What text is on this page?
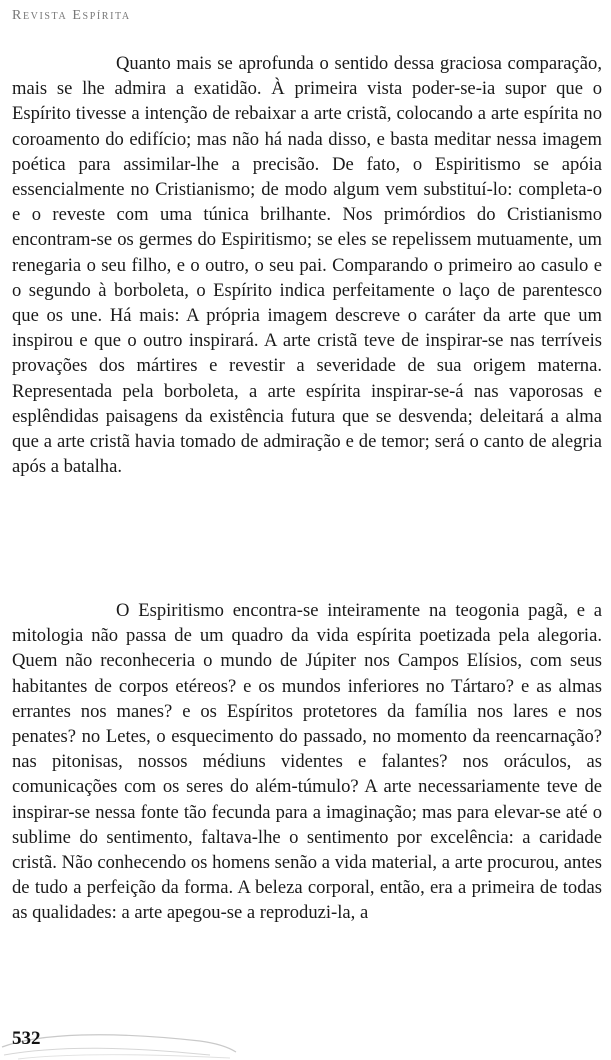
Revista Espírita

Quanto mais se aprofunda o sentido dessa graciosa comparação, mais se lhe admira a exatidão. À primeira vista poder-se-ia supor que o Espírito tivesse a intenção de rebaixar a arte cristã, colocando a arte espírita no coroamento do edifício; mas não há nada disso, e basta meditar nessa imagem poética para assimilar-lhe a precisão. De fato, o Espiritismo se apóia essencialmente no Cristianismo; de modo algum vem substituí-lo: completa-o e o reveste com uma túnica brilhante. Nos primórdios do Cristianismo encontram-se os germes do Espiritismo; se eles se repelissem mutuamente, um renegaria o seu filho, e o outro, o seu pai. Comparando o primeiro ao casulo e o segundo à borboleta, o Espírito indica perfeitamente o laço de parentesco que os une. Há mais: A própria imagem descreve o caráter da arte que um inspirou e que o outro inspirará. A arte cristã teve de inspirar-se nas terríveis provações dos mártires e revestir a severidade de sua origem materna. Representada pela borboleta, a arte espírita inspirar-se-á nas vaporosas e esplêndidas paisagens da existência futura que se desvenda; deleitará a alma que a arte cristã havia tomado de admiração e de temor; será o canto de alegria após a batalha.

O Espiritismo encontra-se inteiramente na teogonia pagã, e a mitologia não passa de um quadro da vida espírita poetizada pela alegoria. Quem não reconheceria o mundo de Júpiter nos Campos Elísios, com seus habitantes de corpos etéreos? e os mundos inferiores no Tártaro? e as almas errantes nos manes? e os Espíritos protetores da família nos lares e nos penates? no Letes, o esquecimento do passado, no momento da reencarnação? nas pitonisas, nossos médiuns videntes e falantes? nos oráculos, as comunicações com os seres do além-túmulo? A arte necessariamente teve de inspirar-se nessa fonte tão fecunda para a imaginação; mas para elevar-se até o sublime do sentimento, faltava-lhe o sentimento por excelência: a caridade cristã. Não conhecendo os homens senão a vida material, a arte procurou, antes de tudo a perfeição da forma. A beleza corporal, então, era a primeira de todas as qualidades: a arte apegou-se a reproduzi-la, a

532
